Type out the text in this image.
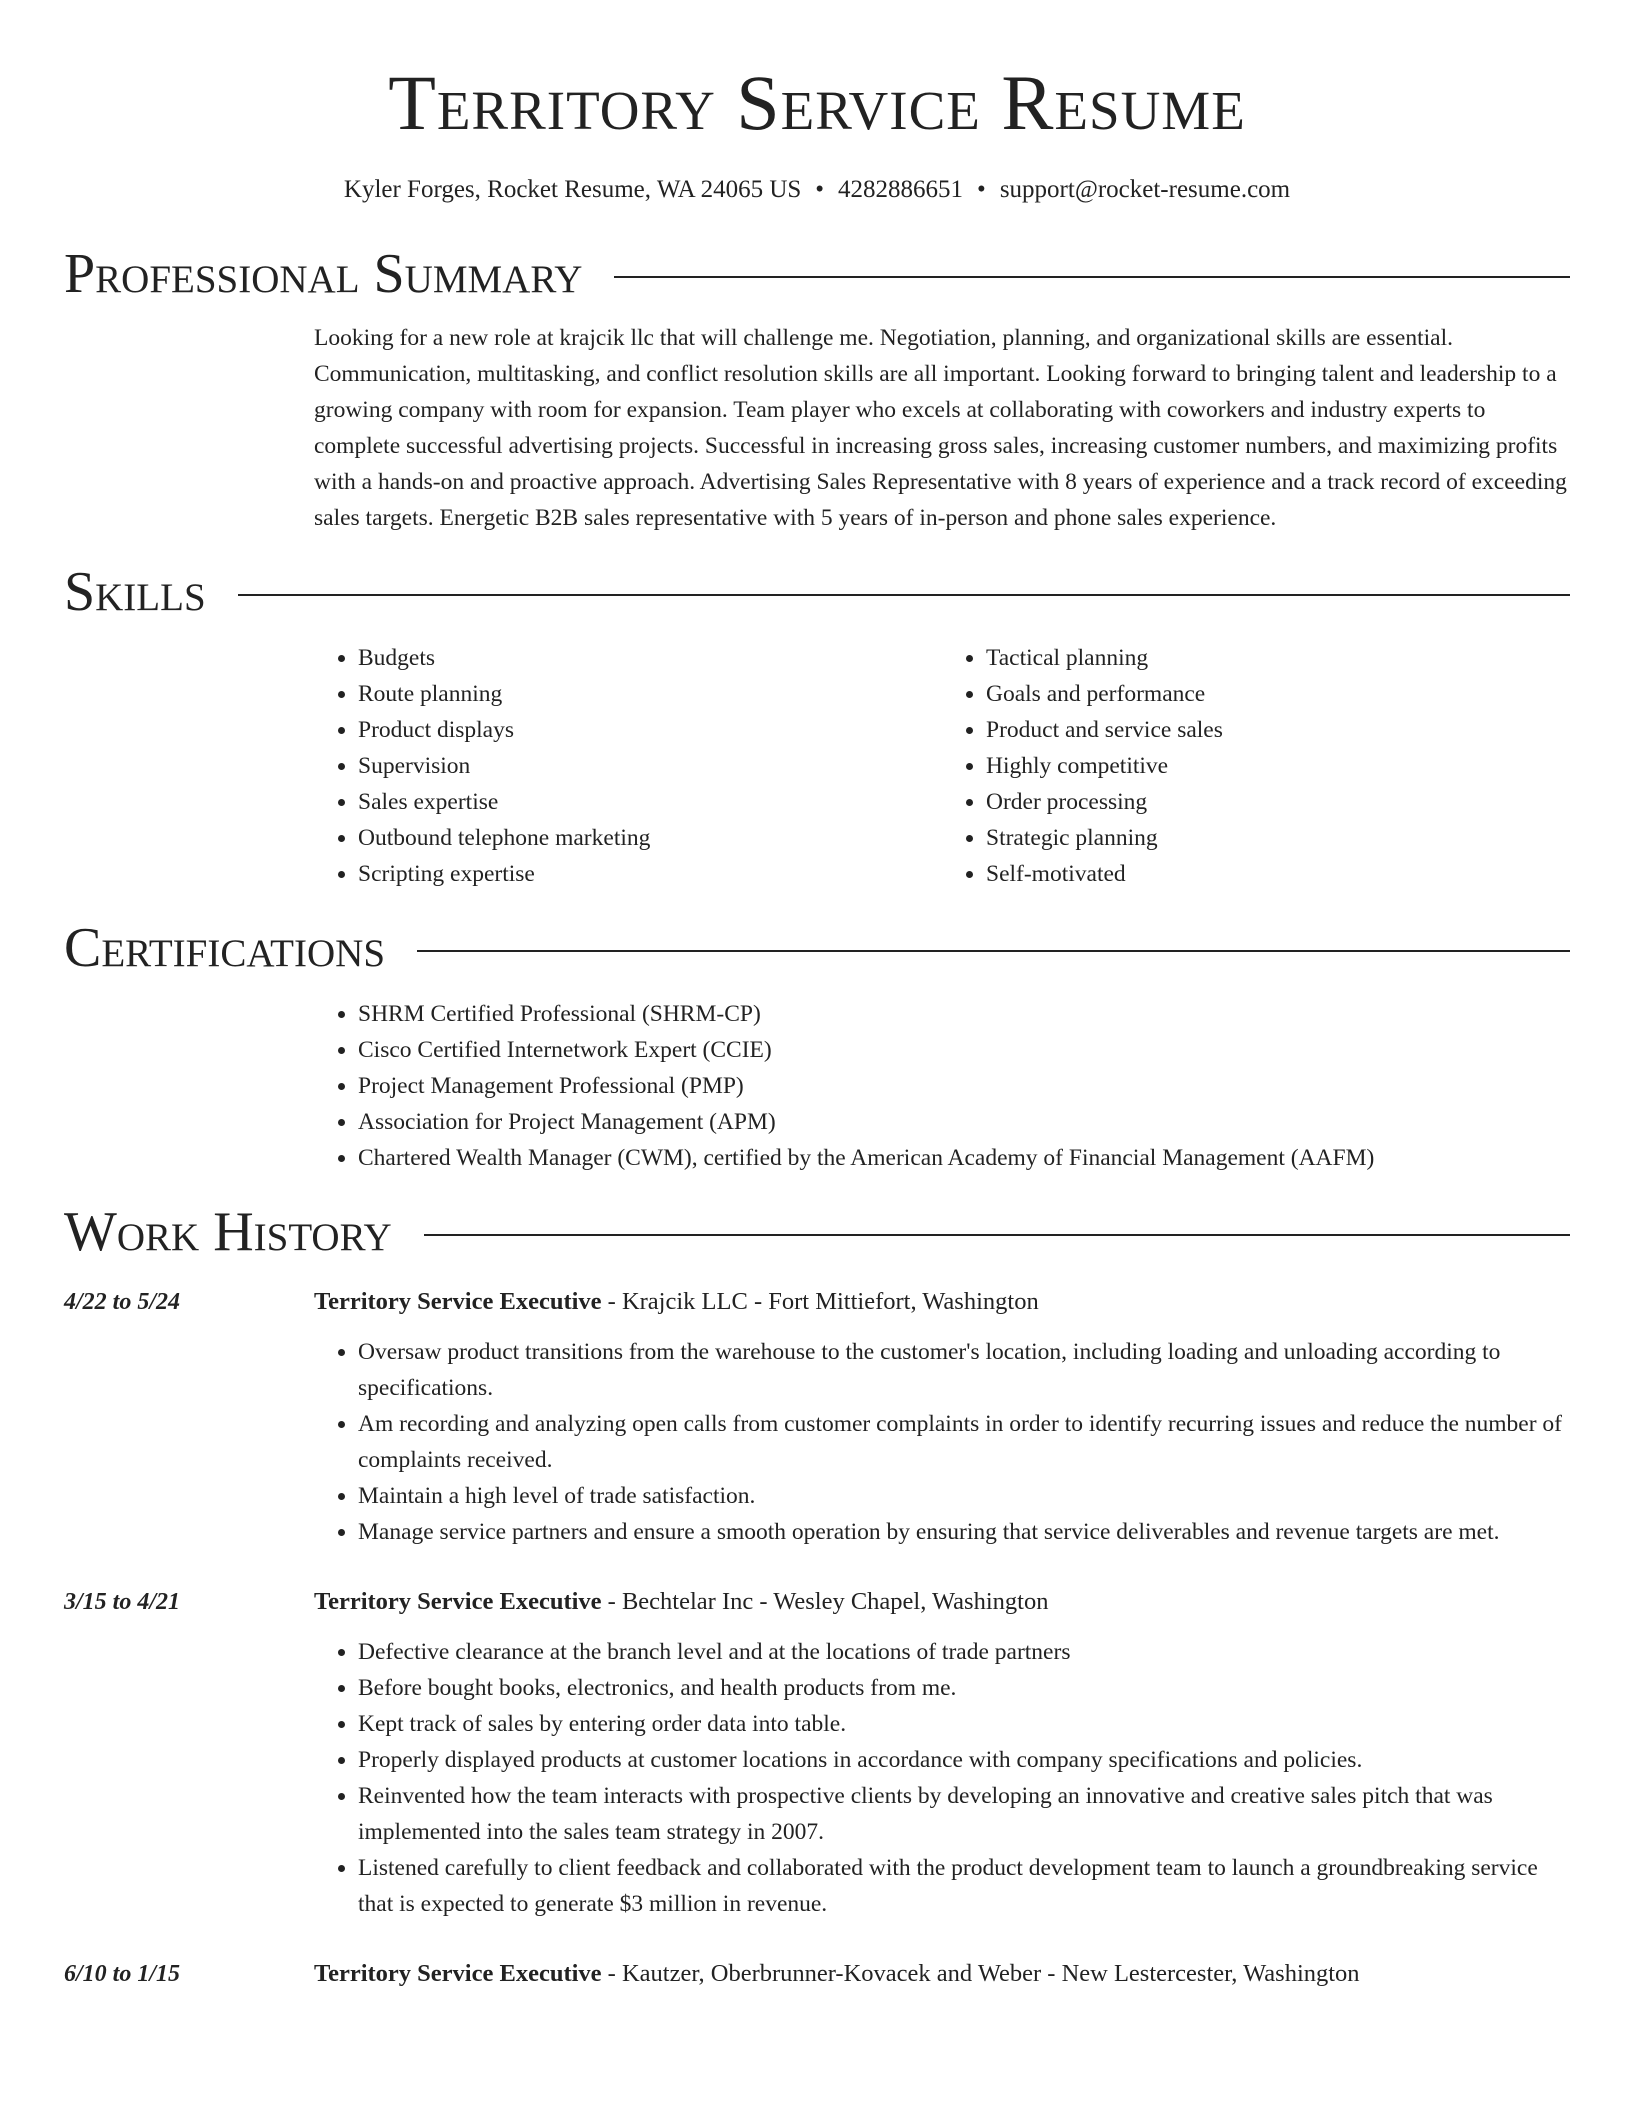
Territory Service Resume
Kyler Forges, Rocket Resume, WA 24065 US • 4282886651 • support@rocket-resume.com
Professional Summary
Looking for a new role at krajcik llc that will challenge me. Negotiation, planning, and organizational skills are essential. Communication, multitasking, and conflict resolution skills are all important. Looking forward to bringing talent and leadership to a growing company with room for expansion. Team player who excels at collaborating with coworkers and industry experts to complete successful advertising projects. Successful in increasing gross sales, increasing customer numbers, and maximizing profits with a hands-on and proactive approach. Advertising Sales Representative with 8 years of experience and a track record of exceeding sales targets. Energetic B2B sales representative with 5 years of in-person and phone sales experience.
Skills
• Budgets
• Route planning
• Product displays
• Supervision
• Sales expertise
• Outbound telephone marketing
• Scripting expertise
• Tactical planning
• Goals and performance
• Product and service sales
• Highly competitive
• Order processing
• Strategic planning
• Self-motivated
Certifications
• SHRM Certified Professional (SHRM-CP)
• Cisco Certified Internetwork Expert (CCIE)
• Project Management Professional (PMP)
• Association for Project Management (APM)
• Chartered Wealth Manager (CWM), certified by the American Academy of Financial Management (AAFM)
Work History
4/22 to 5/24	Territory Service Executive - Krajcik LLC - Fort Mittiefort, Washington
• Oversaw product transitions from the warehouse to the customer's location, including loading and unloading according to specifications.
• Am recording and analyzing open calls from customer complaints in order to identify recurring issues and reduce the number of complaints received.
• Maintain a high level of trade satisfaction.
• Manage service partners and ensure a smooth operation by ensuring that service deliverables and revenue targets are met.
3/15 to 4/21	Territory Service Executive - Bechtelar Inc - Wesley Chapel, Washington
• Defective clearance at the branch level and at the locations of trade partners
• Before bought books, electronics, and health products from me.
• Kept track of sales by entering order data into table.
• Properly displayed products at customer locations in accordance with company specifications and policies.
• Reinvented how the team interacts with prospective clients by developing an innovative and creative sales pitch that was implemented into the sales team strategy in 2007.
• Listened carefully to client feedback and collaborated with the product development team to launch a groundbreaking service that is expected to generate $3 million in revenue.
6/10 to 1/15	Territory Service Executive - Kautzer, Oberbrunner-Kovacek and Weber - New Lestercester, Washington
